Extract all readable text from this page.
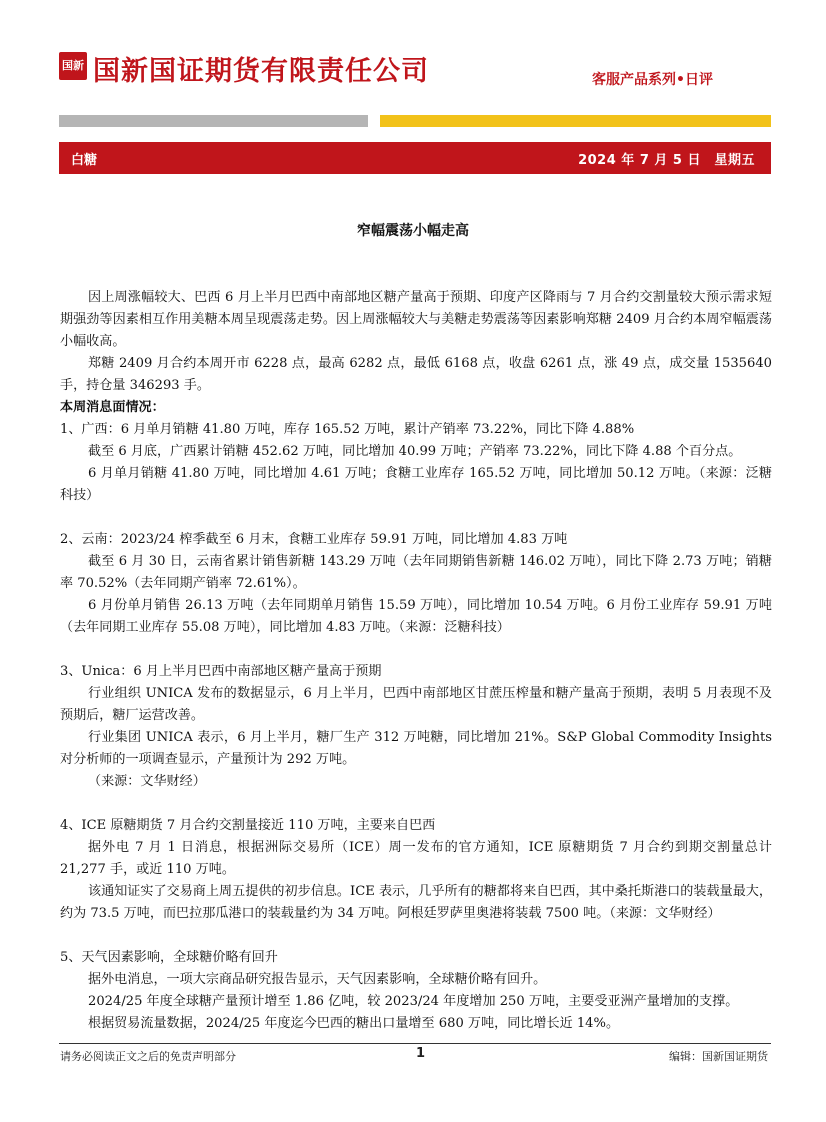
国新 国新国证期货有限责任公司	客服产品系列•日评
白糖	2024 年 7 月 5 日　星期五
窄幅震荡小幅走高

因上周涨幅较大、巴西 6 月上半月巴西中南部地区糖产量高于预期、印度产区降雨与 7 月合约交割量较大预示需求短期强劲等因素相互作用美糖本周呈现震荡走势。因上周涨幅较大与美糖走势震荡等因素影响郑糖 2409 月合约本周窄幅震荡小幅收高。

郑糖 2409 月合约本周开市 6228 点，最高 6282 点，最低 6168 点，收盘 6261 点，涨 49 点，成交量 1535640 手，持仓量 346293 手。

本周消息面情况：

1、广西：6 月单月销糖 41.80 万吨，库存 165.52 万吨，累计产销率 73.22%，同比下降 4.88%

截至 6 月底，广西累计销糖 452.62 万吨，同比增加 40.99 万吨；产销率 73.22%，同比下降 4.88 个百分点。

6 月单月销糖 41.80 万吨，同比增加 4.61 万吨；食糖工业库存 165.52 万吨，同比增加 50.12 万吨。（来源：泛糖科技）

2、云南：2023/24 榨季截至 6 月末，食糖工业库存 59.91 万吨，同比增加 4.83 万吨

截至 6 月 30 日，云南省累计销售新糖 143.29 万吨（去年同期销售新糖 146.02 万吨），同比下降 2.73 万吨；销糖率 70.52%（去年同期产销率 72.61%）。

6 月份单月销售 26.13 万吨（去年同期单月销售 15.59 万吨），同比增加 10.54 万吨。6 月份工业库存 59.91 万吨（去年同期工业库存 55.08 万吨），同比增加 4.83 万吨。（来源：泛糖科技）

3、Unica：6 月上半月巴西中南部地区糖产量高于预期

行业组织 UNICA 发布的数据显示，6 月上半月，巴西中南部地区甘蔗压榨量和糖产量高于预期，表明 5 月表现不及预期后，糖厂运营改善。

行业集团 UNICA 表示，6 月上半月，糖厂生产 312 万吨糖，同比增加 21%。S&P Global Commodity Insights 对分析师的一项调查显示，产量预计为 292 万吨。

（来源：文华财经）

4、ICE 原糖期货 7 月合约交割量接近 110 万吨，主要来自巴西

据外电 7 月 1 日消息，根据洲际交易所（ICE）周一发布的官方通知，ICE 原糖期货 7 月合约到期交割量总计 21,277 手，或近 110 万吨。

该通知证实了交易商上周五提供的初步信息。ICE 表示，几乎所有的糖都将来自巴西，其中桑托斯港口的装载量最大，约为 73.5 万吨，而巴拉那瓜港口的装载量约为 34 万吨。阿根廷罗萨里奥港将装载 7500 吨。（来源：文华财经）

5、天气因素影响，全球糖价略有回升

据外电消息，一项大宗商品研究报告显示，天气因素影响，全球糖价略有回升。

2024/25 年度全球糖产量预计增至 1.86 亿吨，较 2023/24 年度增加 250 万吨，主要受亚洲产量增加的支撑。

根据贸易流量数据，2024/25 年度迄今巴西的糖出口量增至 680 万吨，同比增长近 14%。

请务必阅读正文之后的免责声明部分	1	编辑：国新国证期货
